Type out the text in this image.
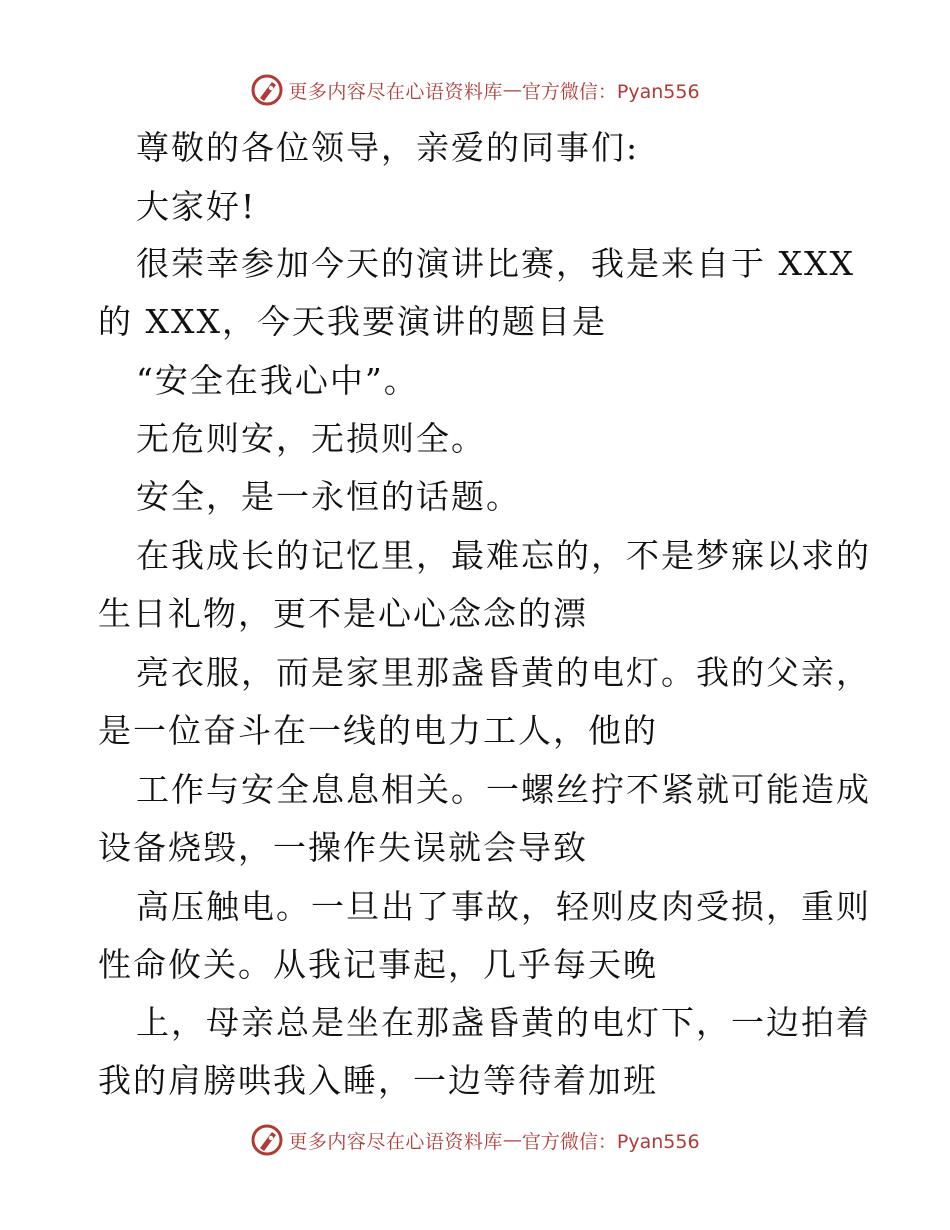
更多内容尽在心语资料库 — 官方微信：Pyan556
尊敬的各位领导，亲爱的同事们:
大家好!
很荣幸参加今天的演讲比赛，我是来自于 XXX
的 XXX，今天我要演讲的题目是
“安全在我心中”。
无危则安，无损则全。
安全，是一永恒的话题。
在我成长的记忆里，最难忘的，不是梦寐以求的
生日礼物，更不是心心念念的漂
亮衣服，而是家里那盏昏黄的电灯。我的父亲，
是一位奋斗在一线的电力工人，他的
工作与安全息息相关。一螺丝拧不紧就可能造成
设备烧毁，一操作失误就会导致
高压触电。一旦出了事故，轻则皮肉受损，重则
性命攸关。从我记事起，几乎每天晚
上，母亲总是坐在那盏昏黄的电灯下，一边拍着
我的肩膀哄我入睡，一边等待着加班
更多内容尽在心语资料库 — 官方微信：Pyan556
